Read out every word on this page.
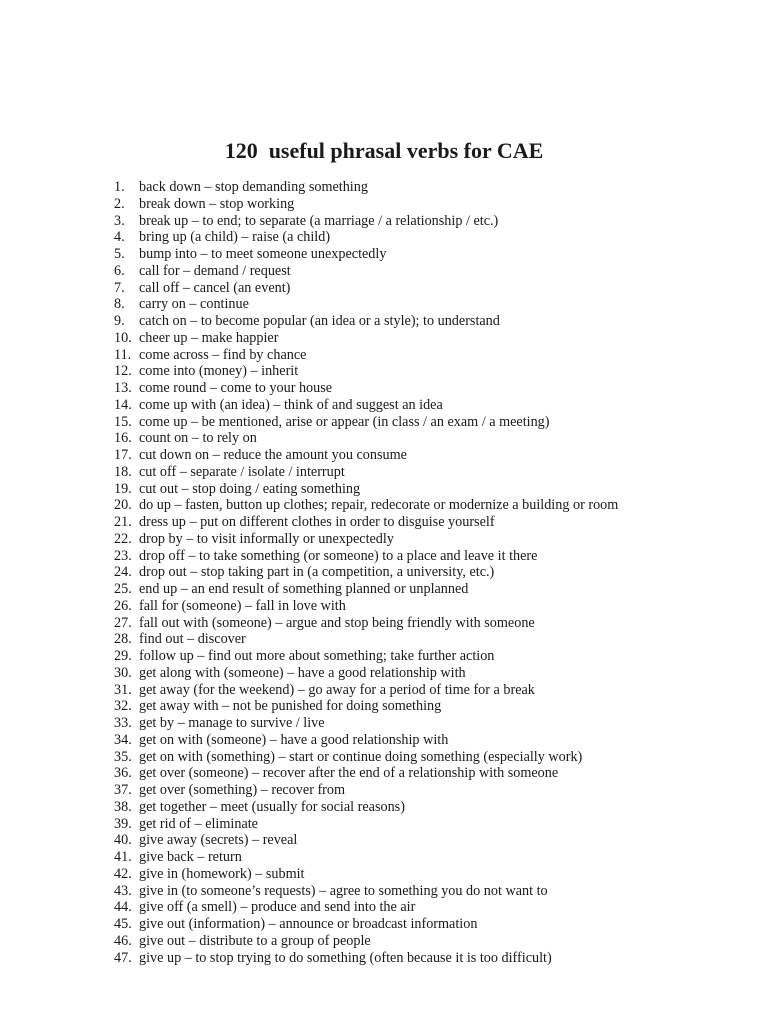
120  useful phrasal verbs for CAE
1.	back down – stop demanding something
2.	break down – stop working
3.	break up – to end; to separate (a marriage / a relationship / etc.)
4.	bring up (a child) – raise (a child)
5.	bump into – to meet someone unexpectedly
6.	call for – demand / request
7.	call off – cancel (an event)
8.	carry on – continue
9.	catch on – to become popular (an idea or a style); to understand
10. cheer up – make happier
11. come across – find by chance
12. come into (money) – inherit
13. come round – come to your house
14. come up with (an idea) – think of and suggest an idea
15. come up – be mentioned, arise or appear (in class / an exam / a meeting)
16. count on – to rely on
17. cut down on – reduce the amount you consume
18. cut off – separate / isolate / interrupt
19. cut out – stop doing / eating something
20. do up – fasten, button up clothes; repair, redecorate or modernize a building or room
21. dress up – put on different clothes in order to disguise yourself
22. drop by – to visit informally or unexpectedly
23. drop off – to take something (or someone) to a place and leave it there
24. drop out – stop taking part in (a competition, a university, etc.)
25. end up – an end result of something planned or unplanned
26. fall for (someone) – fall in love with
27. fall out with (someone) – argue and stop being friendly with someone
28. find out – discover
29. follow up – find out more about something; take further action
30. get along with (someone) – have a good relationship with
31. get away (for the weekend) – go away for a period of time for a break
32. get away with – not be punished for doing something
33. get by – manage to survive / live
34. get on with (someone) – have a good relationship with
35. get on with (something) – start or continue doing something (especially work)
36. get over (someone) – recover after the end of a relationship with someone
37. get over (something) – recover from
38. get together – meet (usually for social reasons)
39. get rid of – eliminate
40. give away (secrets) – reveal
41. give back – return
42. give in (homework) – submit
43. give in (to someone’s requests) – agree to something you do not want to
44. give off (a smell) – produce and send into the air
45. give out (information) – announce or broadcast information
46. give out – distribute to a group of people
47. give up – to stop trying to do something (often because it is too difficult)
